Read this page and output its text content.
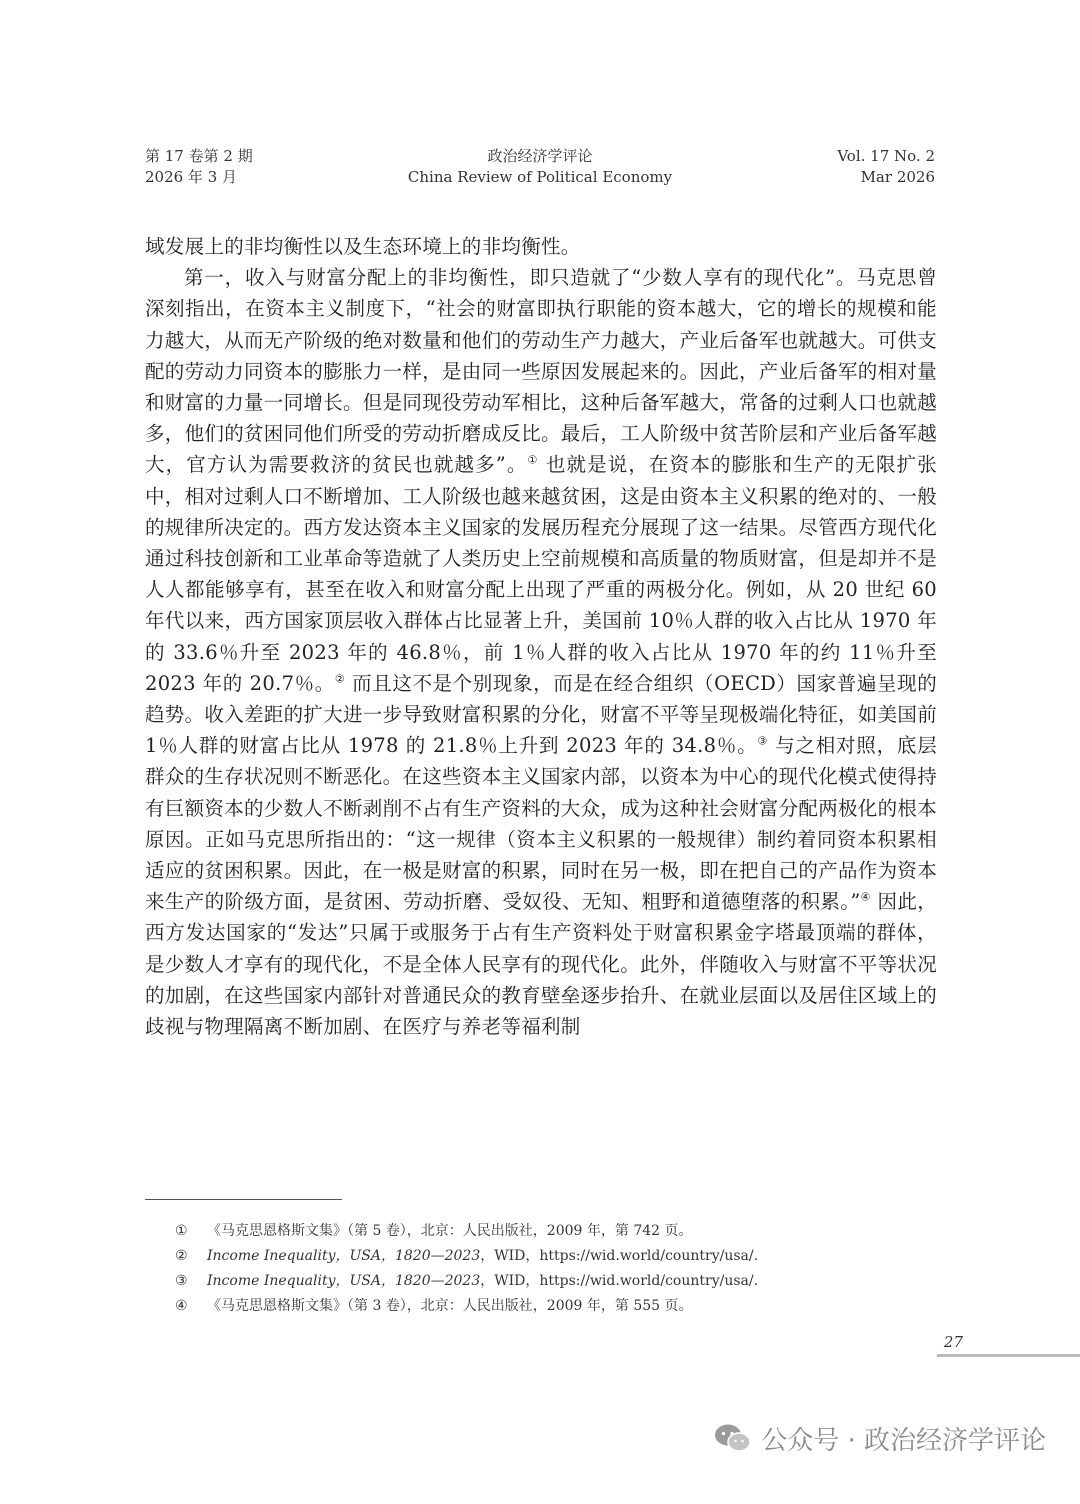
第 17 卷第 2 期
2026 年 3 月
政治经济学评论
China Review of Political Economy
Vol. 17 No. 2
Mar 2026

域发展上的非均衡性以及生态环境上的非均衡性。

第一，收入与财富分配上的非均衡性，即只造就了“少数人享有的现代化”。马克思曾深刻指出，在资本主义制度下，“社会的财富即执行职能的资本越大，它的增长的规模和能力越大，从而无产阶级的绝对数量和他们的劳动生产力越大，产业后备军也就越大。可供支配的劳动力同资本的膨胀力一样，是由同一些原因发展起来的。因此，产业后备军的相对量和财富的力量一同增长。但是同现役劳动军相比，这种后备军越大，常备的过剩人口也就越多，他们的贫困同他们所受的劳动折磨成反比。最后，工人阶级中贫苦阶层和产业后备军越大，官方认为需要救济的贫民也就越多”。① 也就是说，在资本的膨胀和生产的无限扩张中，相对过剩人口不断增加、工人阶级也越来越贫困，这是由资本主义积累的绝对的、一般的规律所决定的。西方发达资本主义国家的发展历程充分展现了这一结果。尽管西方现代化通过科技创新和工业革命等造就了人类历史上空前规模和高质量的物质财富，但是却并不是人人都能够享有，甚至在收入和财富分配上出现了严重的两极分化。例如，从 20 世纪 60 年代以来，西方国家顶层收入群体占比显著上升，美国前 10％人群的收入占比从 1970 年的 33.6％升至 2023 年的 46.8％，前 1％人群的收入占比从 1970 年的约 11％升至 2023 年的 20.7％。② 而且这不是个别现象，而是在经合组织（OECD）国家普遍呈现的趋势。收入差距的扩大进一步导致财富积累的分化，财富不平等呈现极端化特征，如美国前 1％人群的财富占比从 1978 的 21.8％上升到 2023 年的 34.8％。③ 与之相对照，底层群众的生存状况则不断恶化。在这些资本主义国家内部，以资本为中心的现代化模式使得持有巨额资本的少数人不断剥削不占有生产资料的大众，成为这种社会财富分配两极化的根本原因。正如马克思所指出的：“这一规律（资本主义积累的一般规律）制约着同资本积累相适应的贫困积累。因此，在一极是财富的积累，同时在另一极，即在把自己的产品作为资本来生产的阶级方面，是贫困、劳动折磨、受奴役、无知、粗野和道德堕落的积累。”④ 因此，西方发达国家的“发达”只属于或服务于占有生产资料处于财富积累金字塔最顶端的群体，是少数人才享有的现代化，不是全体人民享有的现代化。此外，伴随收入与财富不平等状况的加剧，在这些国家内部针对普通民众的教育壁垒逐步抬升、在就业层面以及居住区域上的歧视与物理隔离不断加剧、在医疗与养老等福利制

①	《马克思恩格斯文集》（第 5 卷），北京：人民出版社，2009 年，第 742 页。
②	Income Inequality，USA，1820—2023，WID，https://wid.world/country/usa/.
③	Income Inequality，USA，1820—2023，WID，https://wid.world/country/usa/.
④	《马克思恩格斯文集》（第 3 卷），北京：人民出版社，2009 年，第 555 页。
27
公众号 · 政治经济学评论
